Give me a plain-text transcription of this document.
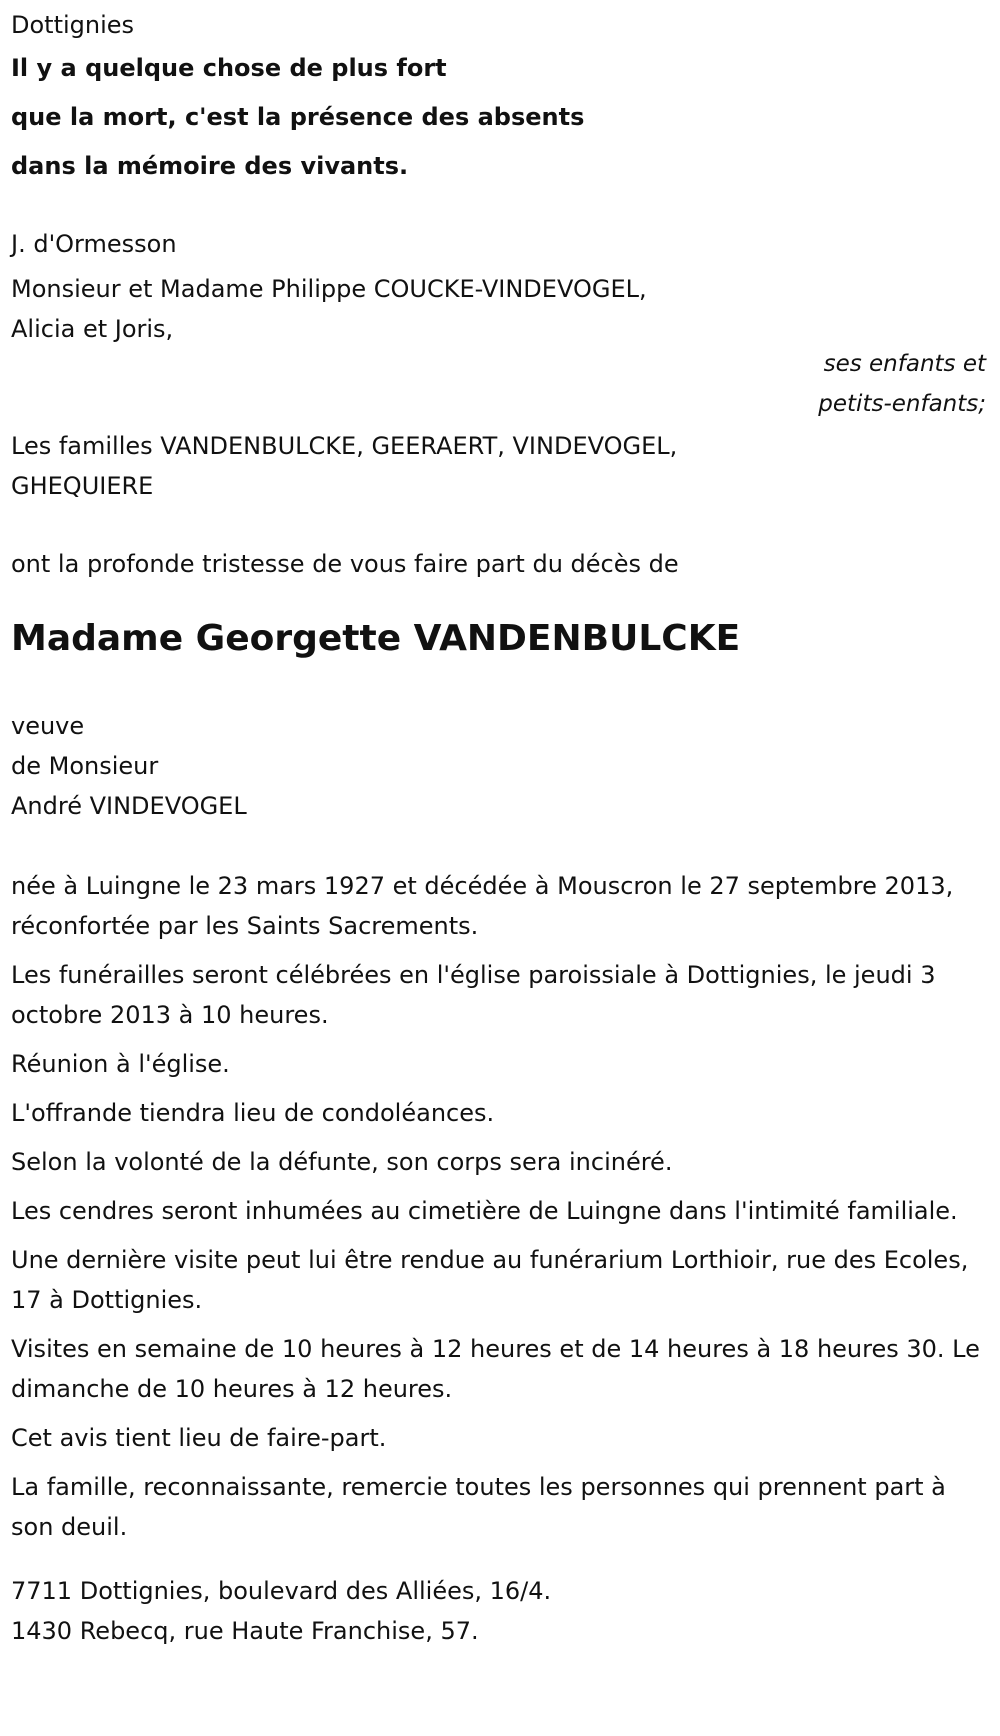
Dottignies
Il y a quelque chose de plus fort
que la mort, c'est la présence des absents
dans la mémoire des vivants.
J. d'Ormesson
Monsieur et Madame Philippe COUCKE-VINDEVOGEL,
Alicia et Joris,
ses enfants et
petits-enfants;
Les familles VANDENBULCKE, GEERAERT, VINDEVOGEL,
GHEQUIERE
ont la profonde tristesse de vous faire part du décès de
Madame Georgette VANDENBULCKE
veuve
de Monsieur
André VINDEVOGEL
née à Luingne le 23 mars 1927 et décédée à Mouscron le 27 septembre 2013, réconfortée par les Saints Sacrements.
Les funérailles seront célébrées en l'église paroissiale à Dottignies, le jeudi 3 octobre 2013 à 10 heures.
Réunion à l'église.
L'offrande tiendra lieu de condoléances.
Selon la volonté de la défunte, son corps sera incinéré.
Les cendres seront inhumées au cimetière de Luingne dans l'intimité familiale.
Une dernière visite peut lui être rendue au funérarium Lorthioir, rue des Ecoles, 17 à Dottignies.
Visites en semaine de 10 heures à 12 heures et de 14 heures à 18 heures 30. Le dimanche de 10 heures à 12 heures.
Cet avis tient lieu de faire-part.
La famille, reconnaissante, remercie toutes les personnes qui prennent part à son deuil.
7711 Dottignies, boulevard des Alliées, 16/4.
1430 Rebecq, rue Haute Franchise, 57.
